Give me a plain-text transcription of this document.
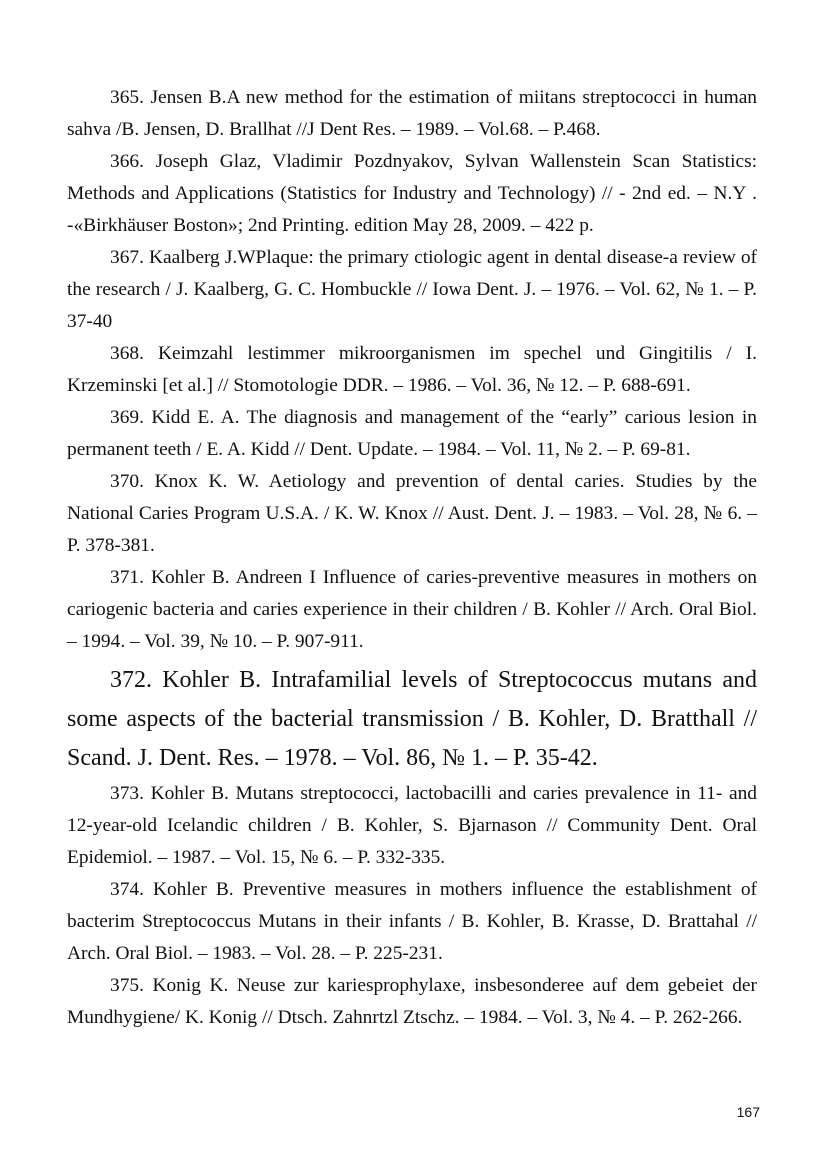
365. Jensen B.A new method for the estimation of miitans streptococci in human sahva /B. Jensen, D. Brallhat //J Dent Res. – 1989. – Vol.68. – P.468.

366. Joseph Glaz, Vladimir Pozdnyakov, Sylvan Wallenstein Scan Statistics: Methods and Applications (Statistics for Industry and Technology) // - 2nd ed. – N.Y . -«Birkhäuser Boston»; 2nd Printing. edition May 28, 2009. – 422 p.

367. Kaalberg J.WPlaque: the primary ctiologic agent in dental disease-a review of the research / J. Kaalberg, G. C. Hombuckle // Iowa Dent. J. – 1976. – Vol. 62, № 1. – P. 37-40

368. Keimzahl lestimmer mikroorganismen im spechel und Gingitilis / I. Krzeminski [et al.] // Stomotologie DDR. – 1986. – Vol. 36, № 12. – P. 688-691.

369. Kidd E. A. The diagnosis and management of the “early” carious lesion in permanent teeth / E. A. Kidd // Dent. Update. – 1984. – Vol. 11, № 2. – P. 69-81.

370. Knox K. W. Aetiology and prevention of dental caries. Studies by the National Caries Program U.S.A. / K. W. Knox // Aust. Dent. J. – 1983. – Vol. 28, № 6. – P. 378-381.

371. Kohler B. Andreen I Influence of caries-preventive measures in mothers on cariogenic bacteria and caries experience in their children / B. Kohler // Arch. Oral Biol. – 1994. – Vol. 39, № 10. – P. 907-911.

372. Kohler B. Intrafamilial levels of Streptococcus mutans and some aspects of the bacterial transmission / B. Kohler, D. Bratthall // Scand. J. Dent. Res. – 1978. – Vol. 86, № 1. – P. 35-42.

373. Kohler B. Mutans streptococci, lactobacilli and caries prevalence in 11- and 12-year-old Icelandic children / B. Kohler, S. Bjarnason // Community Dent. Oral Epidemiol. – 1987. – Vol. 15, № 6. – P. 332-335.

374. Kohler B. Preventive measures in mothers influence the establishment of bacterim Streptococcus Mutans in their infants / B. Kohler, B. Krasse, D. Brattahal // Arch. Oral Biol. – 1983. – Vol. 28. – P. 225-231.

375. Konig K. Neuse zur kariesprophylaxe, insbesonderee auf dem gebeiet der Mundhygiene/ K. Konig // Dtsch. Zahnrtzl Ztschz. – 1984. – Vol. 3, № 4. – P. 262-266.

167
